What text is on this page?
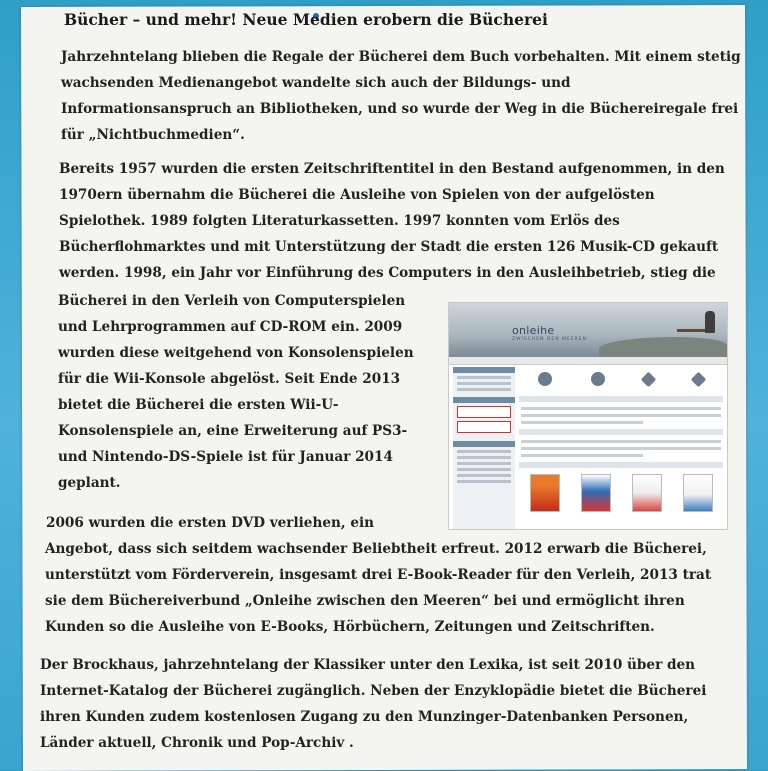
Bücher – und mehr! Neue Medien erobern die Bücherei

Jahrzehntelang blieben die Regale der Bücherei dem Buch vorbehalten. Mit einem stetig wachsenden Medienangebot wandelte sich auch der Bildungs- und Informationsanspruch an Bibliotheken, und so wurde der Weg in die Büchereiregale frei für „Nichtbuchmedien“.

Bereits 1957 wurden die ersten Zeitschriftentitel in den Bestand aufgenommen, in den 1970ern übernahm die Bücherei die Ausleihe von Spielen von der aufgelösten Spielothek. 1989 folgten Literaturkassetten. 1997 konnten vom Erlös des Bücherflohmarktes und mit Unterstützung der Stadt die ersten 126 Musik-CD gekauft werden. 1998, ein Jahr vor Einführung des Computers in den Ausleihbetrieb, stieg die

Bücherei in den Verleih von Computerspielen und Lehrprogrammen auf CD-ROM ein. 2009 wurden diese weitgehend von Konsolenspielen für die Wii-Konsole abgelöst. Seit Ende 2013 bietet die Bücherei die ersten Wii-U-Konsolenspiele an, eine Erweiterung auf PS3- und Nintendo-DS-Spiele ist für Januar 2014 geplant.

2006 wurden die ersten DVD verliehen, ein

Angebot, dass sich seitdem wachsender Beliebtheit erfreut. 2012 erwarb die Bücherei, unterstützt vom Förderverein, insgesamt drei E-Book-Reader für den Verleih, 2013 trat sie dem Büchereiverbund „Onleihe zwischen den Meeren“ bei und ermöglicht ihren Kunden so die Ausleihe von E-Books, Hörbüchern, Zeitungen und Zeitschriften.

Der Brockhaus, jahrzehntelang der Klassiker unter den Lexika, ist seit 2010 über den Internet-Katalog der Bücherei zugänglich. Neben der Enzyklopädie bietet die Bücherei ihren Kunden zudem kostenlosen Zugang zu den Munzinger-Datenbanken Personen, Länder aktuell, Chronik und Pop-Archiv .

onleihe
ZWISCHEN DEN MEEREN
